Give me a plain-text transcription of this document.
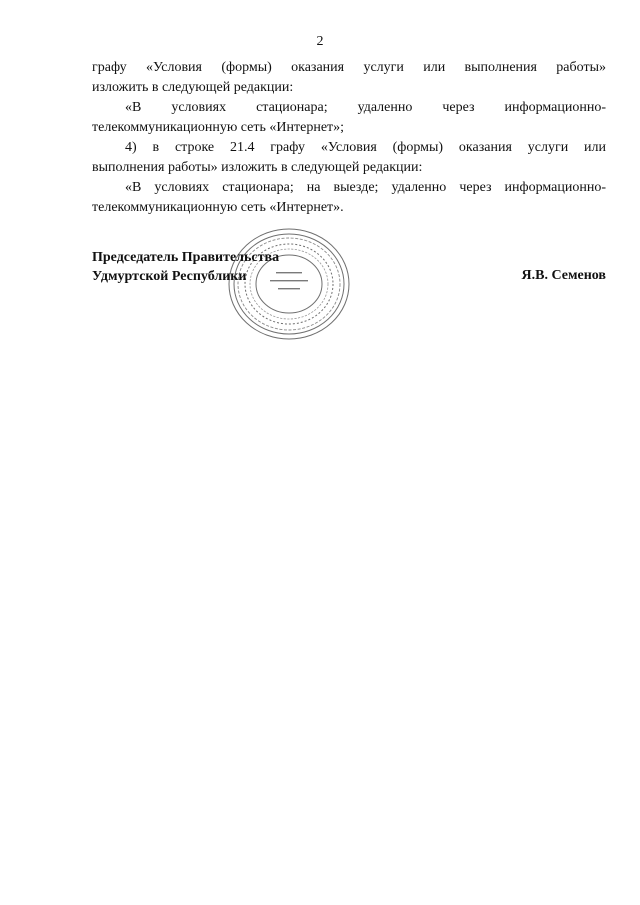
2

графу «Условия (формы) оказания услуги или выполнения работы»
изложить в следующей редакции:

«В условиях стационара; удаленно через информационно-
телекоммуникационную сеть «Интернет»;

4) в строке 21.4 графу «Условия (формы) оказания услуги или
выполнения работы» изложить в следующей редакции:

«В условиях стационара; на выезде; удаленно через информационно-
телекоммуникационную сеть «Интернет».

Председатель Правительства
Удмуртской Республики	Я.В. Семенов
